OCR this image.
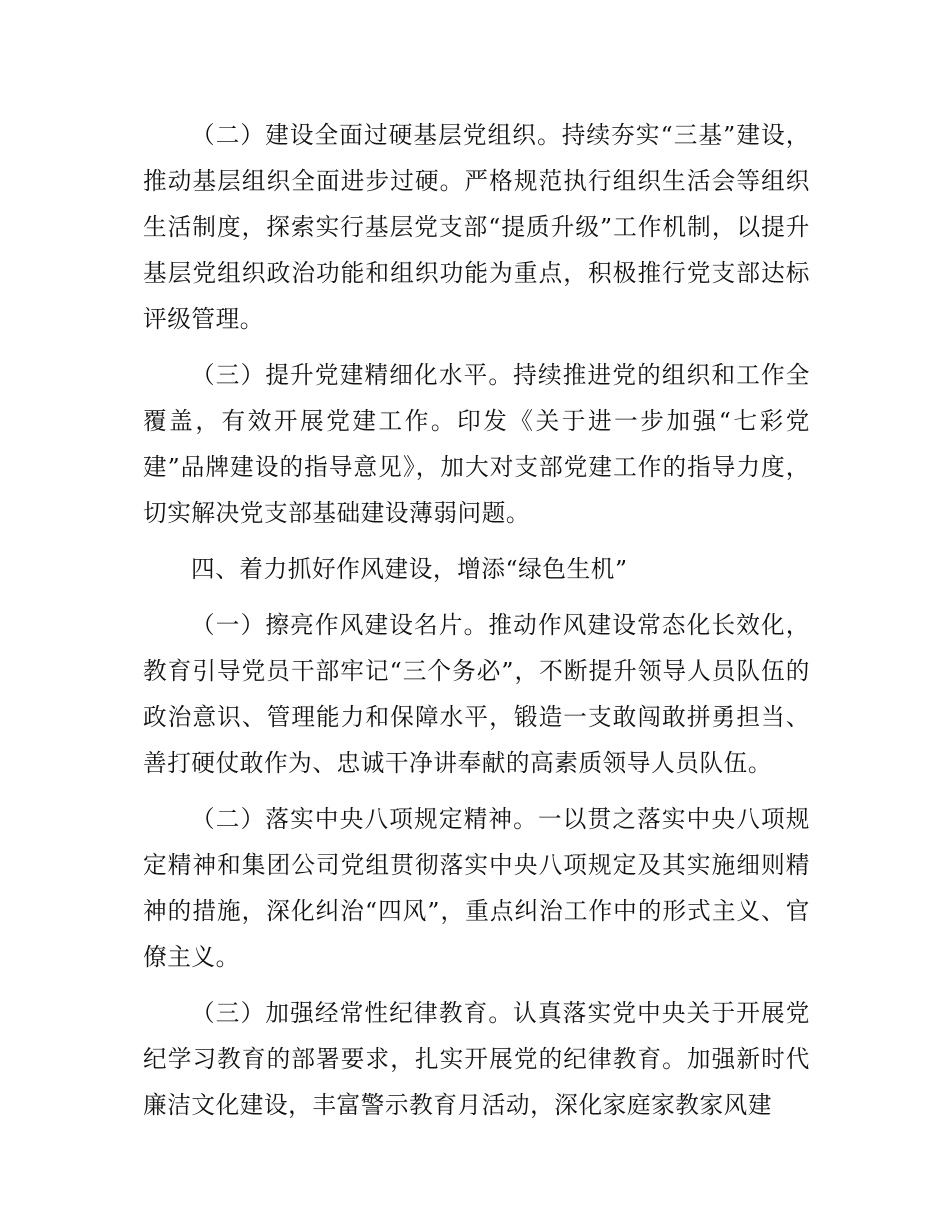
（二）建设全面过硬基层党组织。持续夯实“三基”建设，推动基层组织全面进步过硬。严格规范执行组织生活会等组织生活制度，探索实行基层党支部“提质升级”工作机制，以提升基层党组织政治功能和组织功能为重点，积极推行党支部达标评级管理。

（三）提升党建精细化水平。持续推进党的组织和工作全覆盖，有效开展党建工作。印发《关于进一步加强“七彩党建”品牌建设的指导意见》，加大对支部党建工作的指导力度，切实解决党支部基础建设薄弱问题。

四、着力抓好作风建设，增添“绿色生机”

（一）擦亮作风建设名片。推动作风建设常态化长效化，教育引导党员干部牢记“三个务必”，不断提升领导人员队伍的政治意识、管理能力和保障水平，锻造一支敢闯敢拼勇担当、善打硬仗敢作为、忠诚干净讲奉献的高素质领导人员队伍。

（二）落实中央八项规定精神。一以贯之落实中央八项规定精神和集团公司党组贯彻落实中央八项规定及其实施细则精神的措施，深化纠治“四风”，重点纠治工作中的形式主义、官僚主义。

（三）加强经常性纪律教育。认真落实党中央关于开展党纪学习教育的部署要求，扎实开展党的纪律教育。加强新时代廉洁文化建设，丰富警示教育月活动，深化家庭家教家风建
